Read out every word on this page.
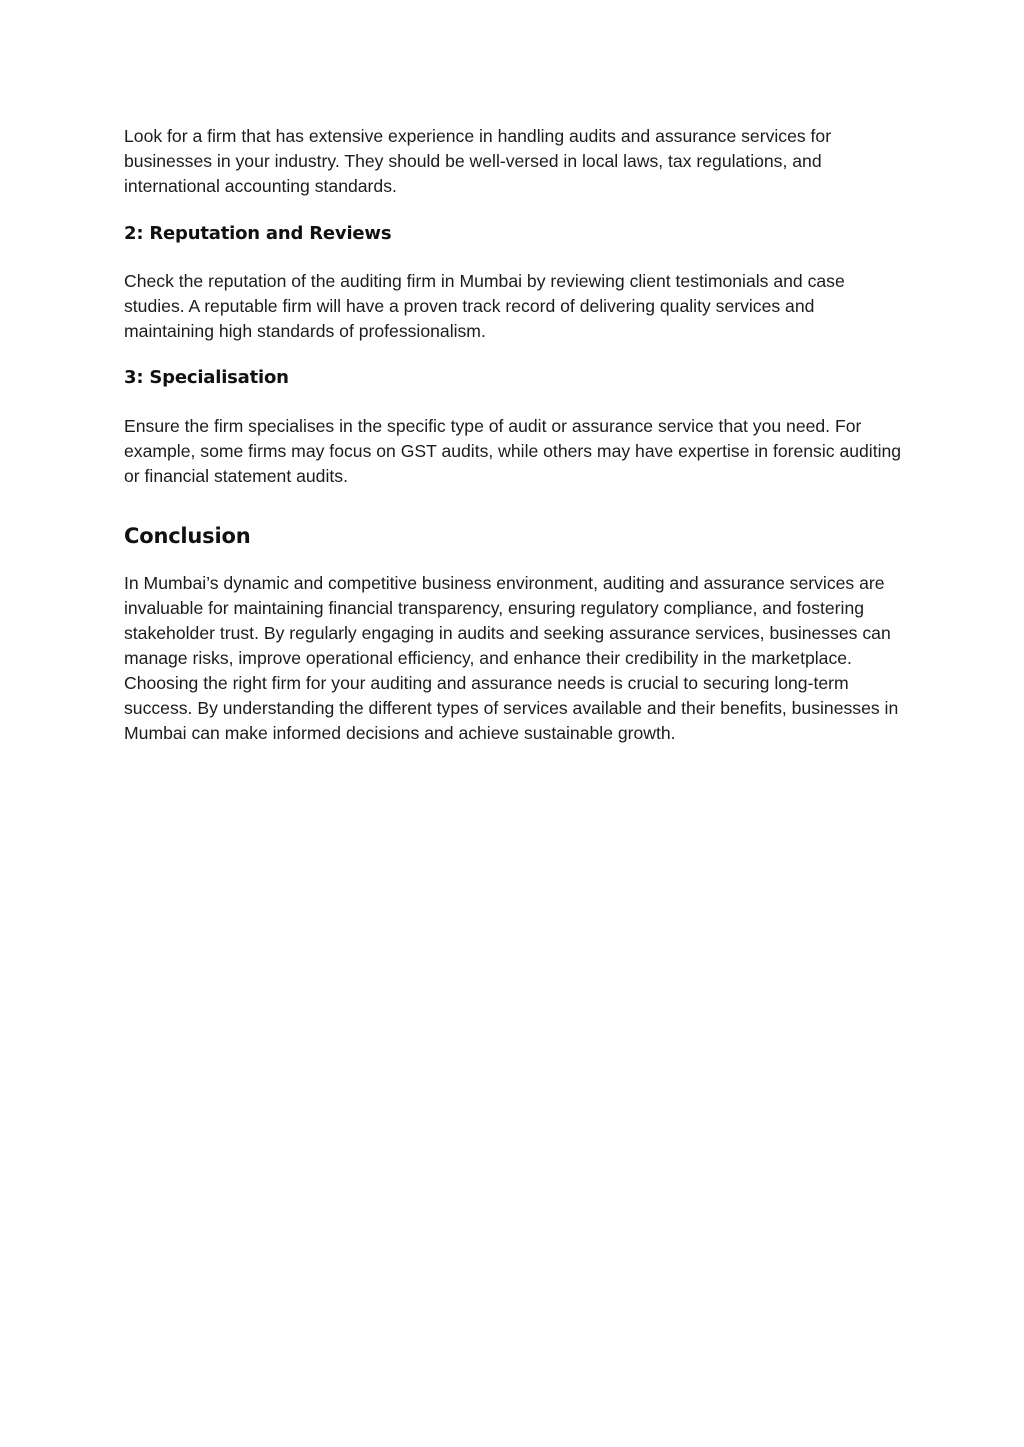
Look for a firm that has extensive experience in handling audits and assurance services for businesses in your industry. They should be well-versed in local laws, tax regulations, and international accounting standards.

2: Reputation and Reviews

Check the reputation of the auditing firm in Mumbai by reviewing client testimonials and case studies. A reputable firm will have a proven track record of delivering quality services and maintaining high standards of professionalism.

3: Specialisation

Ensure the firm specialises in the specific type of audit or assurance service that you need. For example, some firms may focus on GST audits, while others may have expertise in forensic auditing or financial statement audits.

Conclusion

In Mumbai’s dynamic and competitive business environment, auditing and assurance services are invaluable for maintaining financial transparency, ensuring regulatory compliance, and fostering stakeholder trust. By regularly engaging in audits and seeking assurance services, businesses can manage risks, improve operational efficiency, and enhance their credibility in the marketplace. Choosing the right firm for your auditing and assurance needs is crucial to securing long-term success. By understanding the different types of services available and their benefits, businesses in Mumbai can make informed decisions and achieve sustainable growth.
